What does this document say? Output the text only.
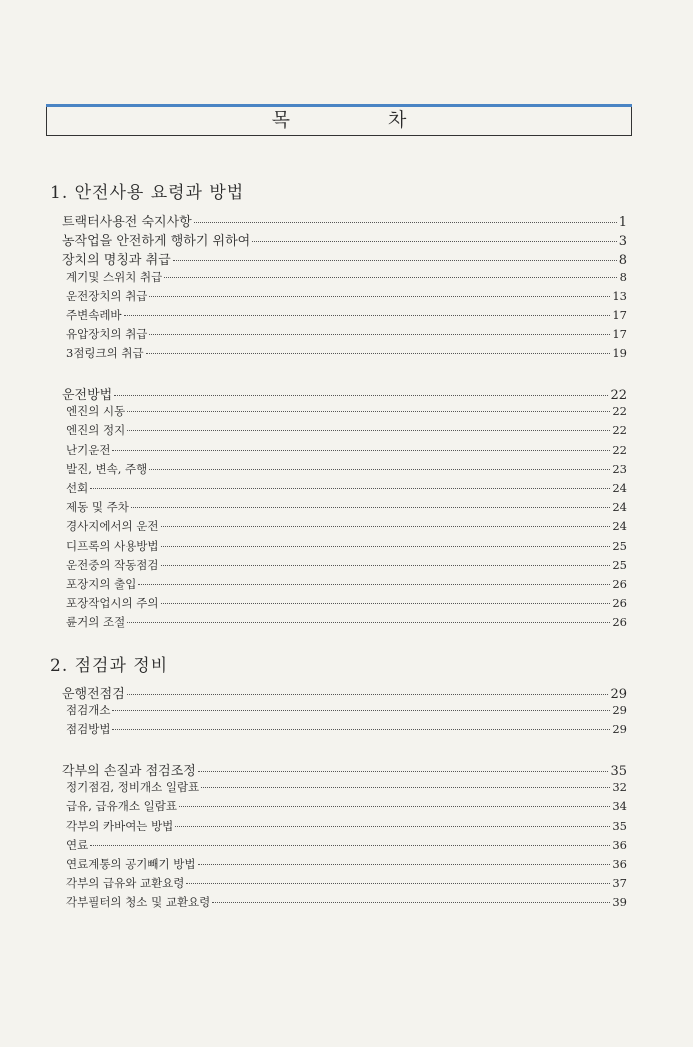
목 차
1. 안전사용 요령과 방법
트랙터사용전 숙지사항	1
농작업을 안전하게 행하기 위하여	3
장치의 명칭과 취급	8
계기및 스위치 취급	8
운전장치의 취급	13
주변속레바	17
유압장치의 취급	17
3점링크의 취급	19
운전방법	22
엔진의 시동	22
엔진의 정지	22
난기운전	22
발진, 변속, 주행	23
선회	24
제동 및 주차	24
경사지에서의 운전	24
디프록의 사용방법	25
운전중의 작동점검	25
포장지의 출입	26
포장작업시의 주의	26
륜거의 조절	26
2. 점검과 정비
운행전점검	29
점검개소	29
점검방법	29
각부의 손질과 점검조정	35
정기점검, 정비개소 일람표	32
급유, 급유개소 일람표	34
각부의 카바여는 방법	35
연료	36
연료계통의 공기빼기 방법	36
각부의 급유와 교환요령	37
각부필터의 청소 및 교환요령	39
